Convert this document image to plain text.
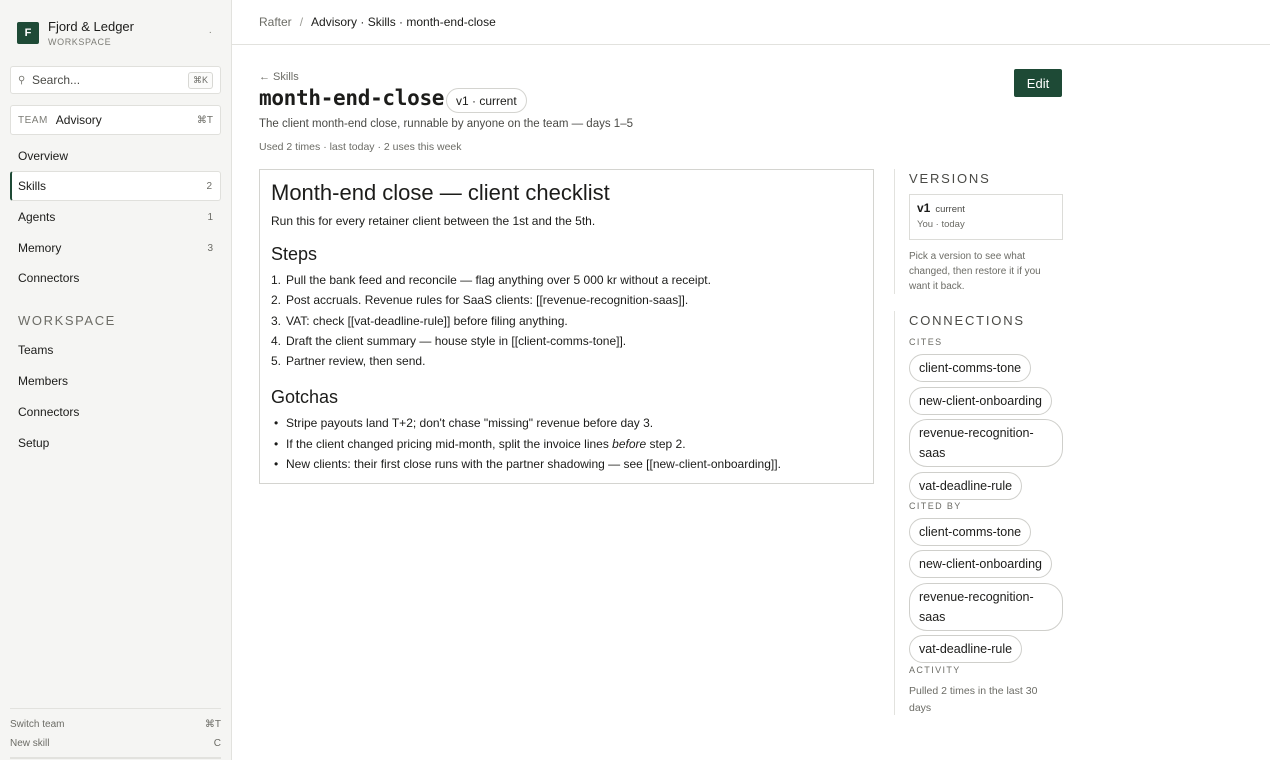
F	Fjord & Ledger
WORKSPACE
·
⚲
Search...	⌘K
TEAM Advisory	⌘T
Overview
Skills	2
Agents	1
Memory	3
Connectors
WORKSPACE
Teams
Members
Connectors
Setup
Switch team	⌘T
New skill	C
Rafter / Advisory · Skills · month-end-close
← Skills
month-end-close v1 · current
Edit

The client month-end close, runnable by anyone on the team — days 1–5

Used 2 times · last today · 2 uses this week

Month-end close — client checklist

Run this for every retainer client between the 1st and the 5th.

Steps
1. Pull the bank feed and reconcile — flag anything over 5 000 kr without a receipt.
2. Post accruals. Revenue rules for SaaS clients: [[revenue-recognition-saas]].
3. VAT: check [[vat-deadline-rule]] before filing anything.
4. Draft the client summary — house style in [[client-comms-tone]].
5. Partner review, then send.
Gotchas
• Stripe payouts land T+2; don't chase "missing" revenue before day 3.
• If the client changed pricing mid-month, split the invoice lines before step 2.
• New clients: their first close runs with the partner shadowing — see [[new-client-onboarding]].
VERSIONS
v1 current
You · today

Pick a version to see what changed, then restore it if you want it back.

CONNECTIONS
CITES
client-comms-tone
new-client-onboarding
revenue-recognition-saas
vat-deadline-rule
CITED BY
client-comms-tone
new-client-onboarding
revenue-recognition-saas
vat-deadline-rule
ACTIVITY

Pulled 2 times in the last 30 days
